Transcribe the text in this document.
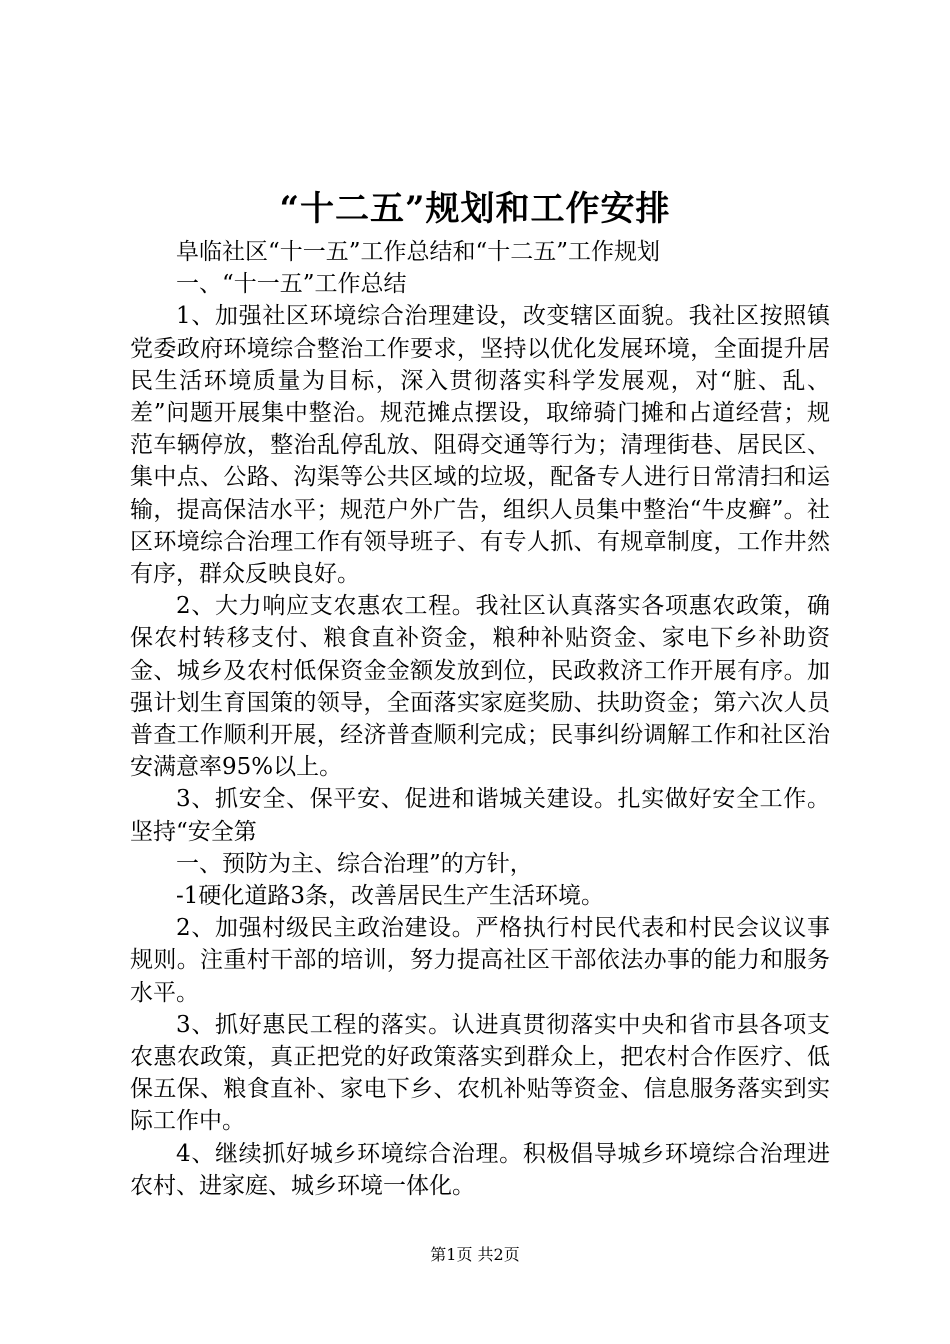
“十二五”规划和工作安排

阜临社区“十一五”工作总结和“十二五”工作规划

一、“十一五”工作总结

1、加强社区环境综合治理建设，改变辖区面貌。我社区按照镇党委政府环境综合整治工作要求，坚持以优化发展环境，全面提升居民生活环境质量为目标，深入贯彻落实科学发展观，对“脏、乱、差”问题开展集中整治。规范摊点摆设，取缔骑门摊和占道经营；规范车辆停放，整治乱停乱放、阻碍交通等行为；清理街巷、居民区、集中点、公路、沟渠等公共区域的垃圾，配备专人进行日常清扫和运输，提高保洁水平；规范户外广告，组织人员集中整治“牛皮癣”。社区环境综合治理工作有领导班子、有专人抓、有规章制度，工作井然有序，群众反映良好。

2、大力响应支农惠农工程。我社区认真落实各项惠农政策，确保农村转移支付、粮食直补资金，粮种补贴资金、家电下乡补助资金、城乡及农村低保资金金额发放到位，民政救济工作开展有序。加强计划生育国策的领导，全面落实家庭奖励、扶助资金；第六次人员普查工作顺利开展，经济普查顺利完成；民事纠纷调解工作和社区治安满意率95%以上。

3、抓安全、保平安、促进和谐城关建设。扎实做好安全工作。坚持“安全第

一、预防为主、综合治理”的方针，

-1硬化道路3条，改善居民生产生活环境。

2、加强村级民主政治建设。严格执行村民代表和村民会议议事规则。注重村干部的培训，努力提高社区干部依法办事的能力和服务水平。

3、抓好惠民工程的落实。认进真贯彻落实中央和省市县各项支农惠农政策，真正把党的好政策落实到群众上，把农村合作医疗、低保五保、粮食直补、家电下乡、农机补贴等资金、信息服务落实到实际工作中。

4、继续抓好城乡环境综合治理。积极倡导城乡环境综合治理进农村、进家庭、城乡环境一体化。

第1页 共2页
